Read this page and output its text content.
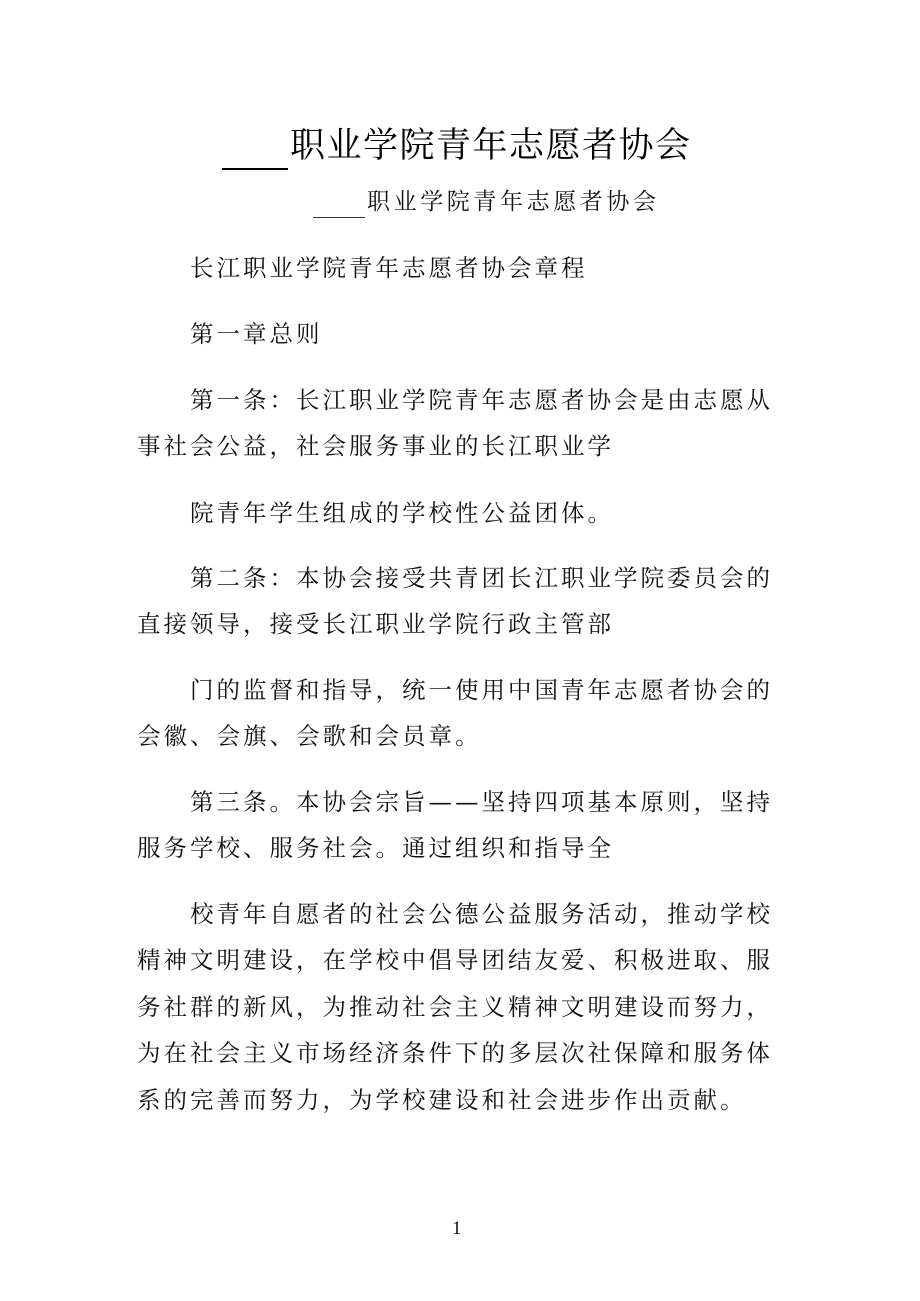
职业学院青年志愿者协会
职业学院青年志愿者协会
长江职业学院青年志愿者协会章程
第一章总则
第一条：长江职业学院青年志愿者协会是由志愿从
事社会公益，社会服务事业的长江职业学
院青年学生组成的学校性公益团体。
第二条：本协会接受共青团长江职业学院委员会的
直接领导，接受长江职业学院行政主管部
门的监督和指导，统一使用中国青年志愿者协会的
会徽、会旗、会歌和会员章。
第三条。本协会宗旨——坚持四项基本原则，坚持
服务学校、服务社会。通过组织和指导全
校青年自愿者的社会公德公益服务活动，推动学校
精神文明建设，在学校中倡导团结友爱、积极进取、服
务社群的新风，为推动社会主义精神文明建设而努力，
为在社会主义市场经济条件下的多层次社保障和服务体
系的完善而努力，为学校建设和社会进步作出贡献。
1
